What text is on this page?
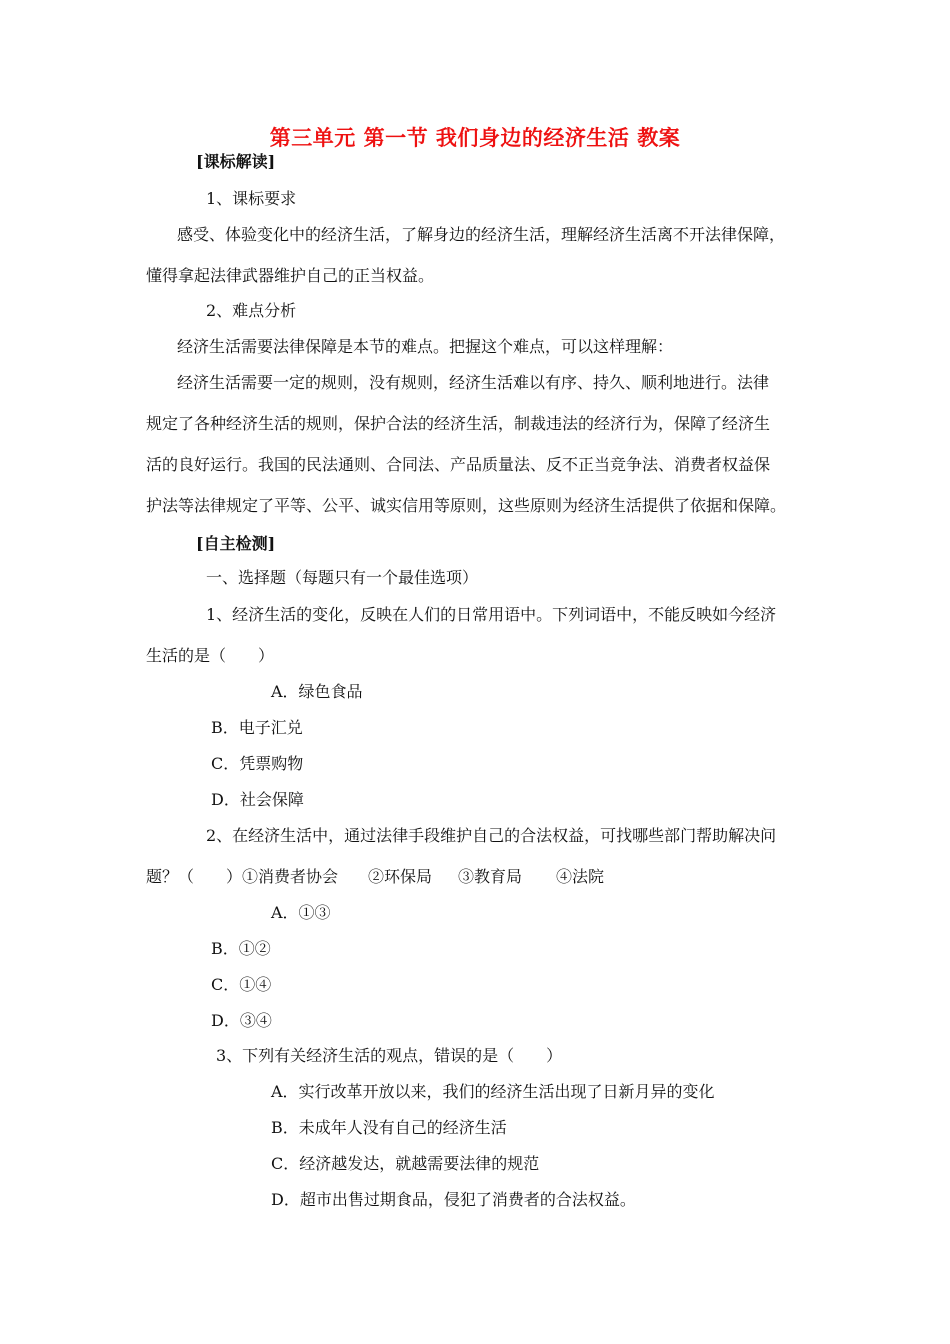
第三单元 第一节 我们身边的经济生活 教案
[课标解读]
1、课标要求
感受、体验变化中的经济生活，了解身边的经济生活，理解经济生活离不开法律保障，
懂得拿起法律武器维护自己的正当权益。
2、难点分析
经济生活需要法律保障是本节的难点。把握这个难点，可以这样理解：
经济生活需要一定的规则，没有规则，经济生活难以有序、持久、顺利地进行。法律
规定了各种经济生活的规则，保护合法的经济生活，制裁违法的经济行为，保障了经济生
活的良好运行。我国的民法通则、合同法、产品质量法、反不正当竞争法、消费者权益保
护法等法律规定了平等、公平、诚实信用等原则，这些原则为经济生活提供了依据和保障。
[自主检测]
一、选择题（每题只有一个最佳选项）
1、经济生活的变化，反映在人们的日常用语中。下列词语中，不能反映如今经济
生活的是（　　）
A．绿色食品
B．电子汇兑
C．凭票购物
D．社会保障
2、在经济生活中，通过法律手段维护自己的合法权益，可找哪些部门帮助解决问
题？（　　）①消费者协会 ②环保局 ③教育局 ④法院
A．①③
B．①②
C．①④
D．③④
3、下列有关经济生活的观点，错误的是（　　）
A．实行改革开放以来，我们的经济生活出现了日新月异的变化
B．未成年人没有自己的经济生活
C．经济越发达，就越需要法律的规范
D．超市出售过期食品，侵犯了消费者的合法权益。
